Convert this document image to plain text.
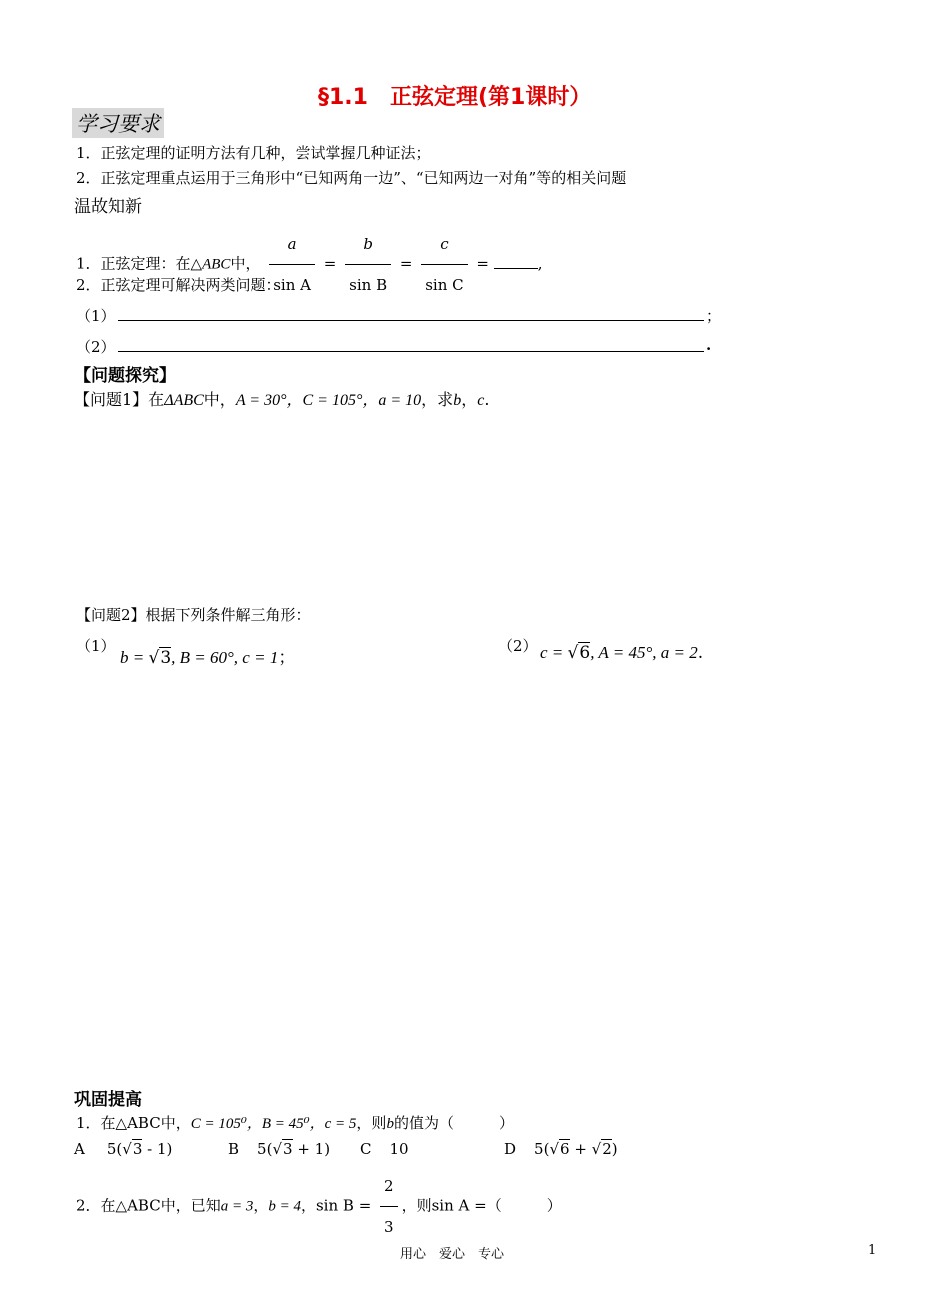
§1.1　正弦定理(第1课时）
学习要求
1．正弦定理的证明方法有几种，尝试掌握几种证法；
2．正弦定理重点运用于三角形中“已知两角一边”、“已知两边一对角”等的相关问题
温故知新
1．正弦定理：在△ABC中， $\frac{a}{\text{sin A}} = \frac{b}{\text{sin B}} = \frac{c}{\text{sin C}}$ =	,
2．正弦定理可解决两类问题：
（1）	；
（2）	.
【问题探究】
【问题1】在ΔABC中，A = 30°，C = 105°，a = 10，求b，c.
【问题2】根据下列条件解三角形：
（1）
b = √3, B = 60°, c = 1；
（2） c = √6, A = 45°, a = 2.
巩固提高
1．在△ABC中，C = 105⁰，B = 45⁰，c = 5，则b的值为（　　　）
A 5(√3 - 1)	B 5(√3 + 1) C 10	D 5(√6 + √2)
2．在△ABC中，已知a = 3，b = 4，$\sin B = \frac{2}{3}$ ，则sin A =（　　　）
用心　爱心　专心	1
